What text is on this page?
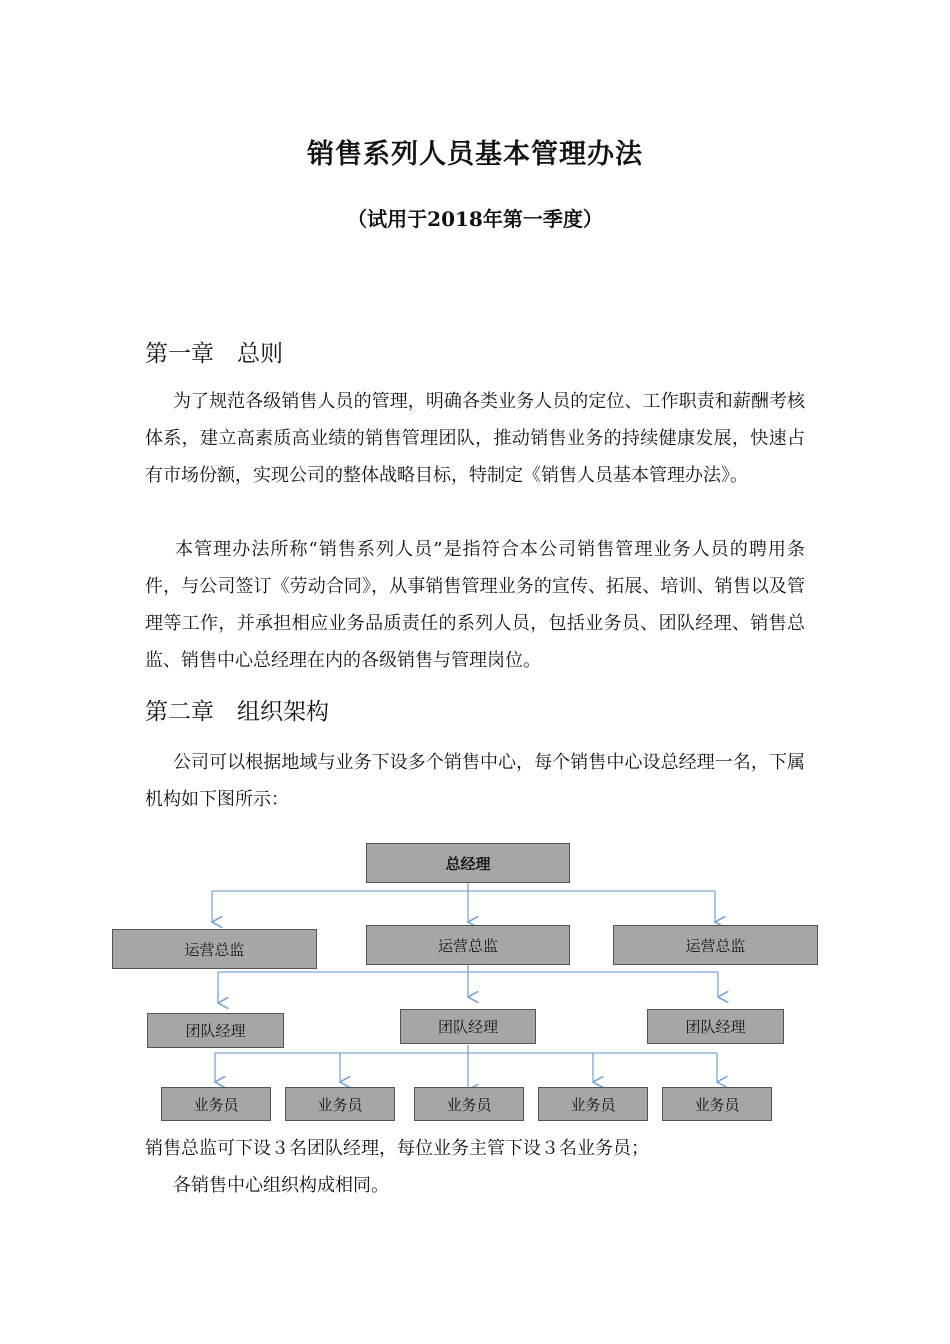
销售系列人员基本管理办法
（试用于2018年第一季度）
第一章　总则
为了规范各级销售人员的管理，明确各类业务人员的定位、工作职责和薪酬考核体系，建立高素质高业绩的销售管理团队，推动销售业务的持续健康发展，快速占有市场份额，实现公司的整体战略目标，特制定《销售人员基本管理办法》。
本管理办法所称“销售系列人员”是指符合本公司销售管理业务人员的聘用条件，与公司签订《劳动合同》，从事销售管理业务的宣传、拓展、培训、销售以及管理等工作，并承担相应业务品质责任的系列人员，包括业务员、团队经理、销售总监、销售中心总经理在内的各级销售与管理岗位。
第二章　组织架构
公司可以根据地域与业务下设多个销售中心，每个销售中心设总经理一名，下属机构如下图所示：
总经理
运营总监	运营总监	运营总监
团队经理	团队经理	团队经理
业务员	业务员	业务员	业务员	业务员
销售总监可下设３名团队经理，每位业务主管下设３名业务员；
各销售中心组织构成相同。
